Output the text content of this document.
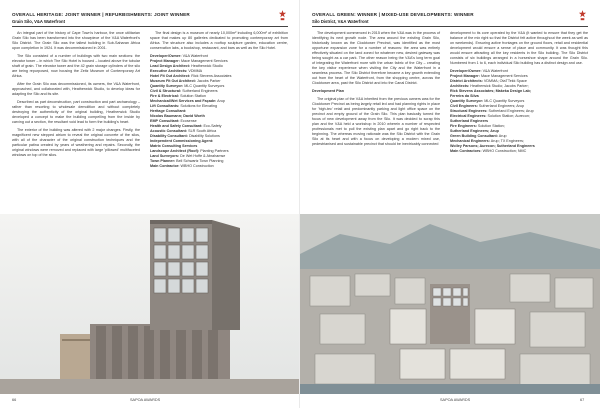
OVERALL HERITAGE: JOINT WINNER | REFURBISHMENTS: JOINT WINNER
Grain Silo, V&A Waterfront

An integral part of the history of Cape Town's harbour, the once utilitarian Grain Silo has been transformed into the showpiece of the V&A Waterfront's Silo District. The Grain Silo was the tallest building in Sub-Saharan Africa upon completion in 1924. It was decommissioned in 2001.

The Silo consisted of a number of buildings with two main sections: the elevator tower – in which The Silo Hotel is housed – located above the tubular shaft of grain. The elevator tower and the 42 grain storage cylinders of the silo are being repurposed, now housing the Zeitz Museum of Contemporary Art Africa.

After the Grain Silo was decommissioned, its owners, the V&A Waterfront, approached, and collaborated with, Heatherwick Studio, to develop ideas for adapting the Silo and its site.

Described as part deconstruction, part construction and part archaeology – rather than resorting to wholesale demolition and without completely destroying the authenticity of the original building, Heatherwick Studio developed a concept to make the building compelling from the inside by carving out a section, the resultant void lead to form the building's heart.

The exterior of the building was altered with 2 major changes. Firstly, the magnificent new stepped atrium to reveal the original concrete of the silos, with all of the character of the original construction techniques and the particular patina created by years of weathering and repairs. Secondly, the original windows were removed and replaced with large 'pillowed' multifaceted windows on top of the silos.

The final design is a museum of nearly 10,000m² including 6,000m² of exhibition space that makes up 80 galleries dedicated to promoting contemporary art from Africa. The structure also includes a rooftop sculpture garden, education centre, conservation labs, a bookshop, restaurant, and bars as well as the Silo Hotel.

Developer/Owner: V&A Waterfront

Project Manager: Mace Management Services

Lead Design Architect: Heatherwick Studio

Executive Architects: VDMMA

Hotel Fit Out Architect: Rick Stevens Associates

Museum Fit Out Architect: Jacobs Parker

Quantity Surveyor: MLC Quantity Surveyors

Civil & Structural: Sutherland Engineers

Fire & Electrical: Solution Station

Mechanical/Wet Services and Façade: Arup

Lift Consultants: Solutions for Elevating

Heritage Consultant:

Nicolas Baumann; David Worth

EMP Consultant: Ecosense

Health and Safety Consultant: Eco-Safety

Acoustic Consultant: SLR South Africa

Disability Consultant: Disability Solutions

Independent Commissioning Agent:

Matrix Consulting Services

Landscape Architect (Roof): Planting Partners

Land Surveyors: De Wet Hoffe & Abrahamse

Town Planner: Bell Schwartz Town Planning

Main Contractor: WBHO Construction

66	SAPOA AWARDS
OVERALL GREEN: WINNER | MIXED-USE DEVELOPMENTS: WINNER
Silo District, V&A Waterfront

The development commenced in 2015 when the V&A was in the process of identifying its next growth node. The area around the existing Grain Silo, historically known as the Clocktower Precinct, was identified as the most opportune expansion zone for a number of reasons: the area was entirely effectively situated on the land zoned for whatever new, desired gateway was being sought as a car park. The other reason being the V&A's long term goal of integrating the Waterfront more with the urban fabric of the City – creating the key visitor experience when visiting the City and the Waterfront in a seamless process. The Silo District therefore became a key growth extending out from the heart of the Waterfront, from the shopping centre, across the Clocktower area, past the Silo District and into the Canal District.

Development Plan

The original plan of the V&A inherited from the previous owners was for the Clocktower Precinct as being largely retail led and had planning rights in place for 'high-tec' retail and predominantly parking and light office space on the precinct and empty ground of the Grain Silo. This plan basically turned the focus of new development away from the Silo. It was decided to scrap this plan and the V&A held a workshop in 2010 wherein a number of respected professionals met to pull the existing plan apart and go right back to the beginning. The whereas moving rationale was the Silo District with the Grain Silo at its heart and with a focus on developing a modern mixed use, pedestrianised and sustainable precinct that should be inextricably connected

development to its core operated by the V&A (it wanted to ensure that they get the balance of the mix right so that the District felt active throughout the week as well as on weekends). Ensuring active frontages on the ground floors, retail and residential development would ensure a sense of place and community. It was thought this would ensure attracting all the key residents in the Silo building. The Silo District consists of six buildings arranged in a horseshoe shape around the Grain Silo. Numbered from 1 to 6, each individual Silo building has a distinct design and use.

Developer/Owner: V&A Waterfront

Project Manager: Mace Management Services

District Architects: VDMMA; OtaTTekk Space

Architects: Heatherwick Studio; Jacobs Parker;

Rick Stevens Associates; Makeka Design Lab;

Ferreira da Silva

Quantity Surveyor: MLC Quantity Surveyors

Civil Engineers: Sutherland Engineers; Arup

Structural Engineers: Sutherland Engineers; Arup

Electrical Engineers: Solution Station; Aurecon;

Sutherland Engineers

Fire Engineers: Solution Station;

Sutherland Engineers; Arup

Green Building Consultant: Arup

Mechanical Engineers: Arup; TX Engineers;

Wolley Parsons; Aurecon; Sutherland Engineers

Main Contractors: WBHO Construction; NMC

SAPOA AWARDS	67
